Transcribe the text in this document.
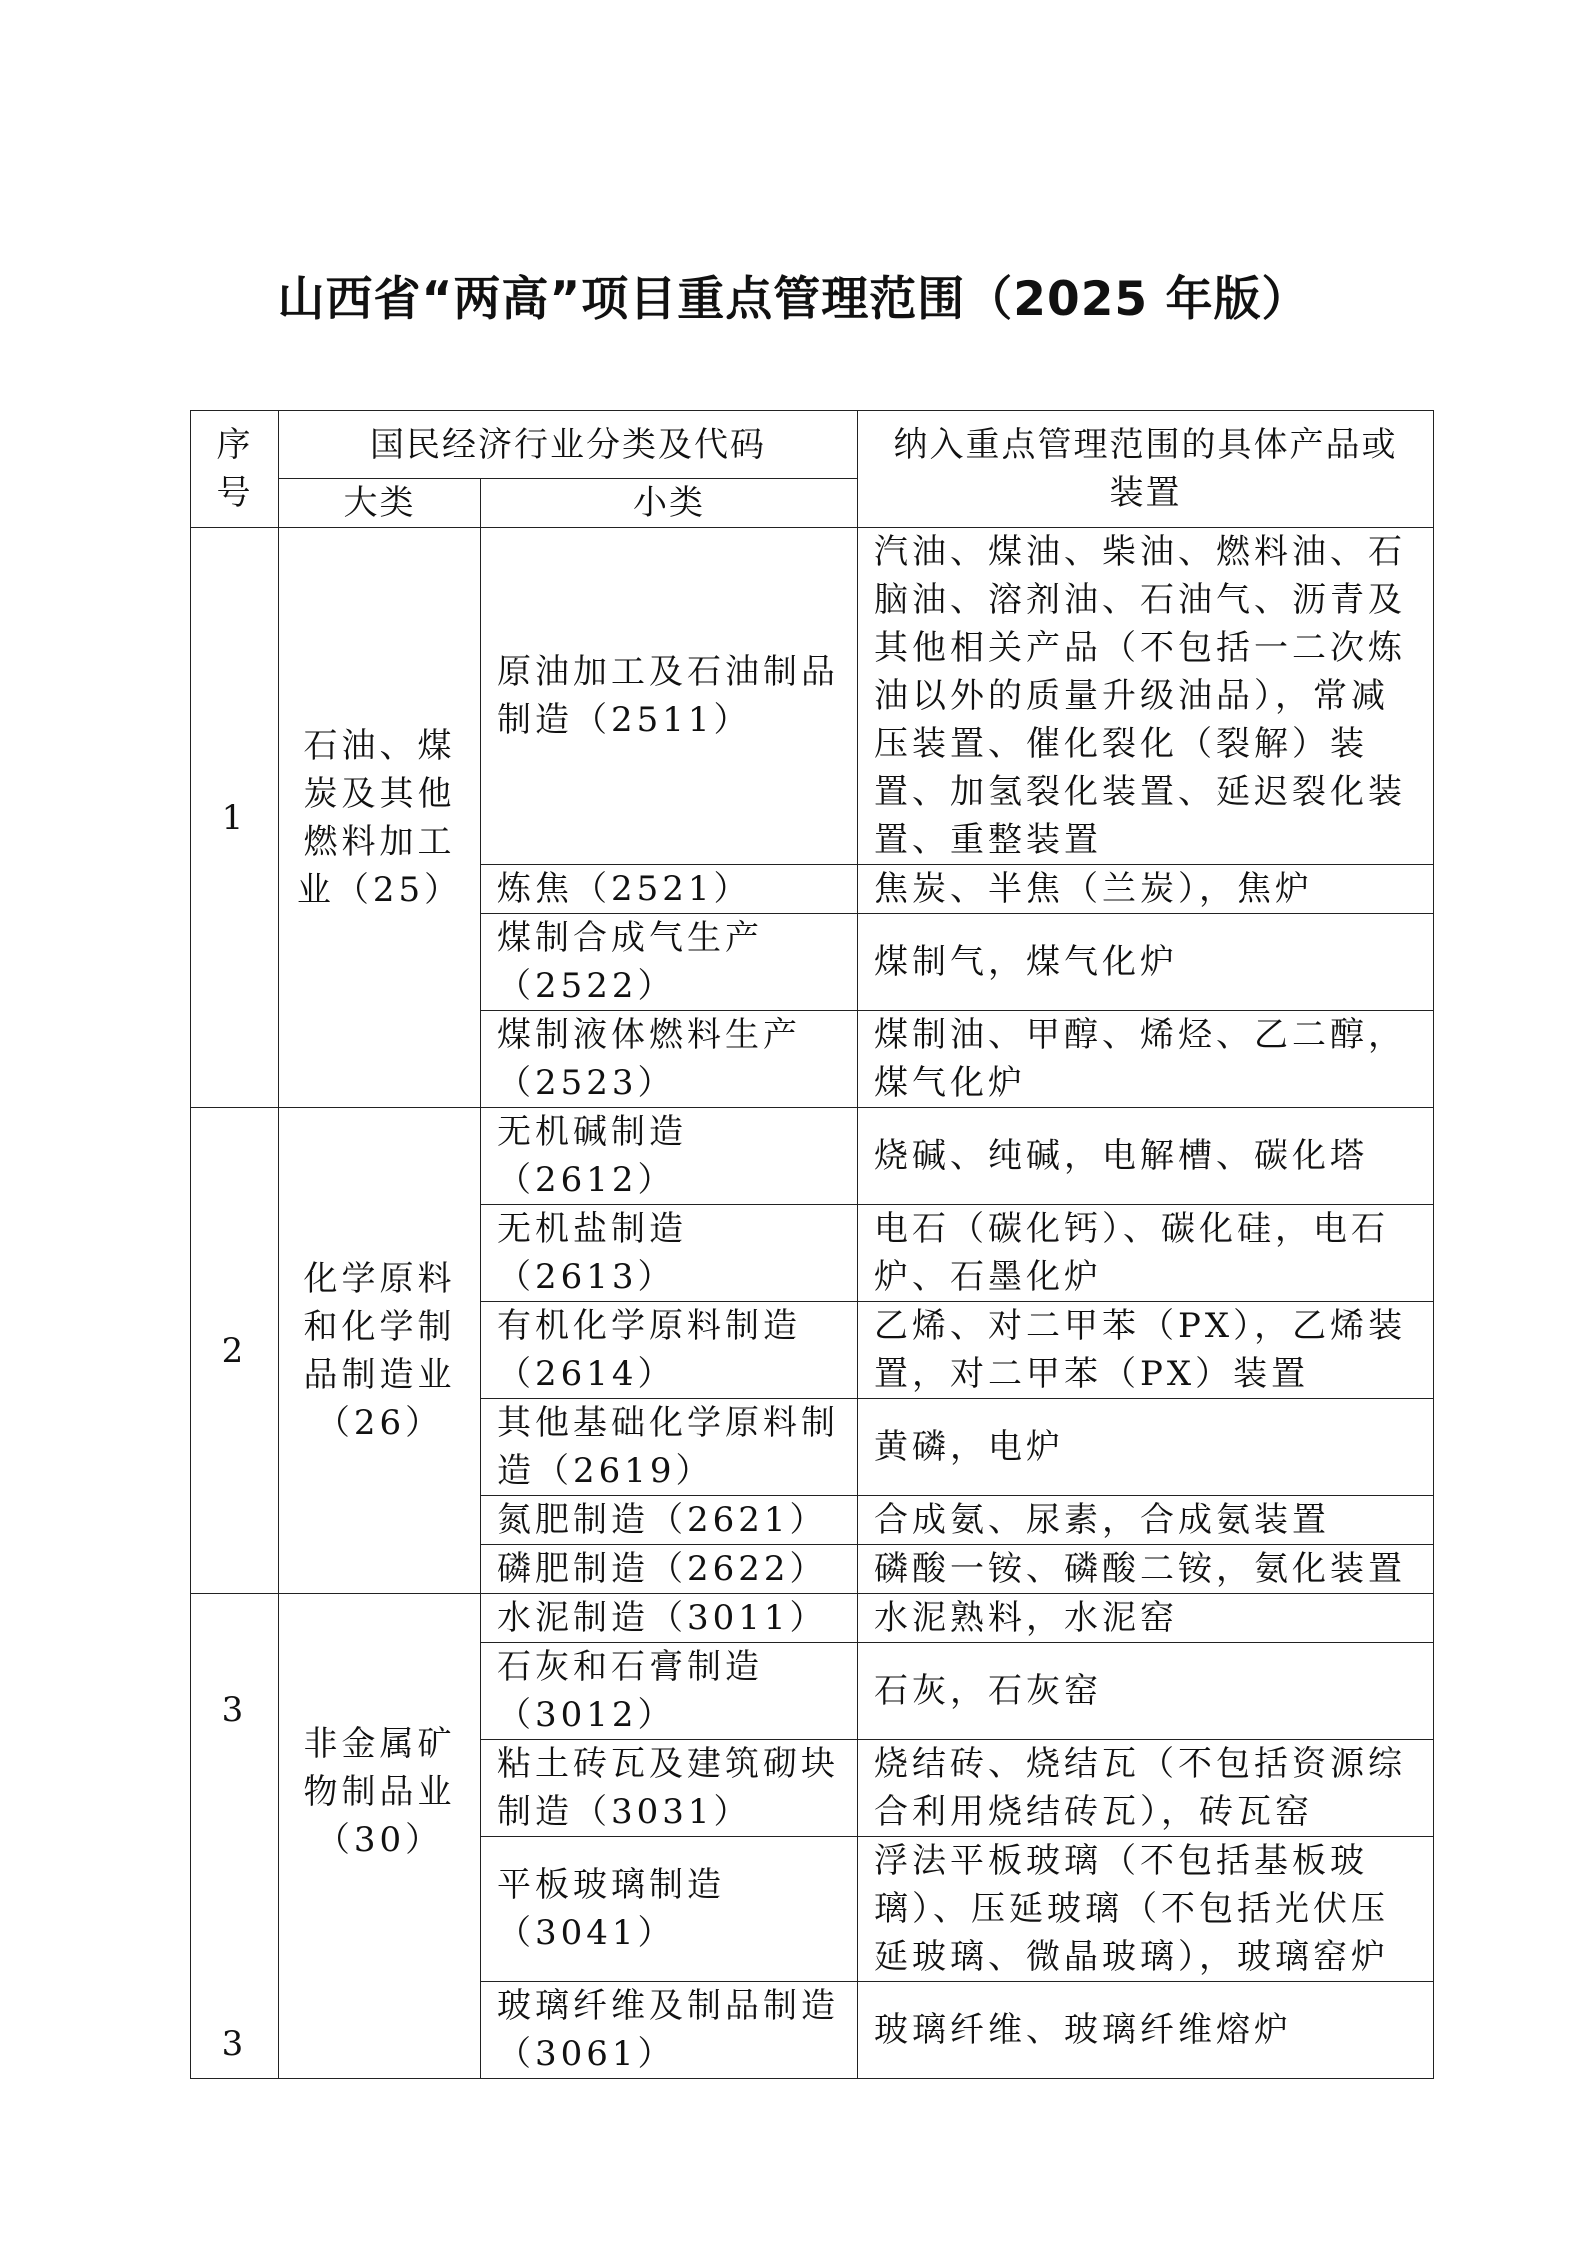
山西省“两高”项目重点管理范围（2025 年版）
序号	国民经济行业分类及代码		纳入重点管理范围的具体产品或装置
	大类	小类	
1	石油、煤炭及其他燃料加工业（25）	原油加工及石油制品制造（2511）	汽油、煤油、柴油、燃料油、石脑油、溶剂油、石油气、沥青及其他相关产品（不包括一二次炼油以外的质量升级油品），常减压装置、催化裂化（裂解）装置、加氢裂化装置、延迟裂化装置、重整装置
		炼焦（2521）	焦炭、半焦（兰炭），焦炉
		煤制合成气生产（2522）	煤制气，煤气化炉
		煤制液体燃料生产（2523）	煤制油、甲醇、烯烃、乙二醇，煤气化炉
2	化学原料和化学制品制造业（26）	无机碱制造（2612）	烧碱、纯碱，电解槽、碳化塔
		无机盐制造（2613）	电石（碳化钙）、碳化硅，电石炉、石墨化炉
		有机化学原料制造（2614）	乙烯、对二甲苯（PX），乙烯装置，对二甲苯（PX）装置
		其他基础化学原料制造（2619）	黄磷，电炉
		氮肥制造（2621）	合成氨、尿素，合成氨装置
		磷肥制造（2622）	磷酸一铵、磷酸二铵，氨化装置

3
3	非金属矿物制品业（30）	水泥制造（3011）	水泥熟料，水泥窑
		石灰和石膏制造（3012）	石灰，石灰窑
		粘土砖瓦及建筑砌块制造（3031）	烧结砖、烧结瓦（不包括资源综合利用烧结砖瓦），砖瓦窑
		平板玻璃制造（3041）	浮法平板玻璃（不包括基板玻璃）、压延玻璃（不包括光伏压延玻璃、微晶玻璃），玻璃窑炉
		玻璃纤维及制品制造（3061）	玻璃纤维、玻璃纤维熔炉
